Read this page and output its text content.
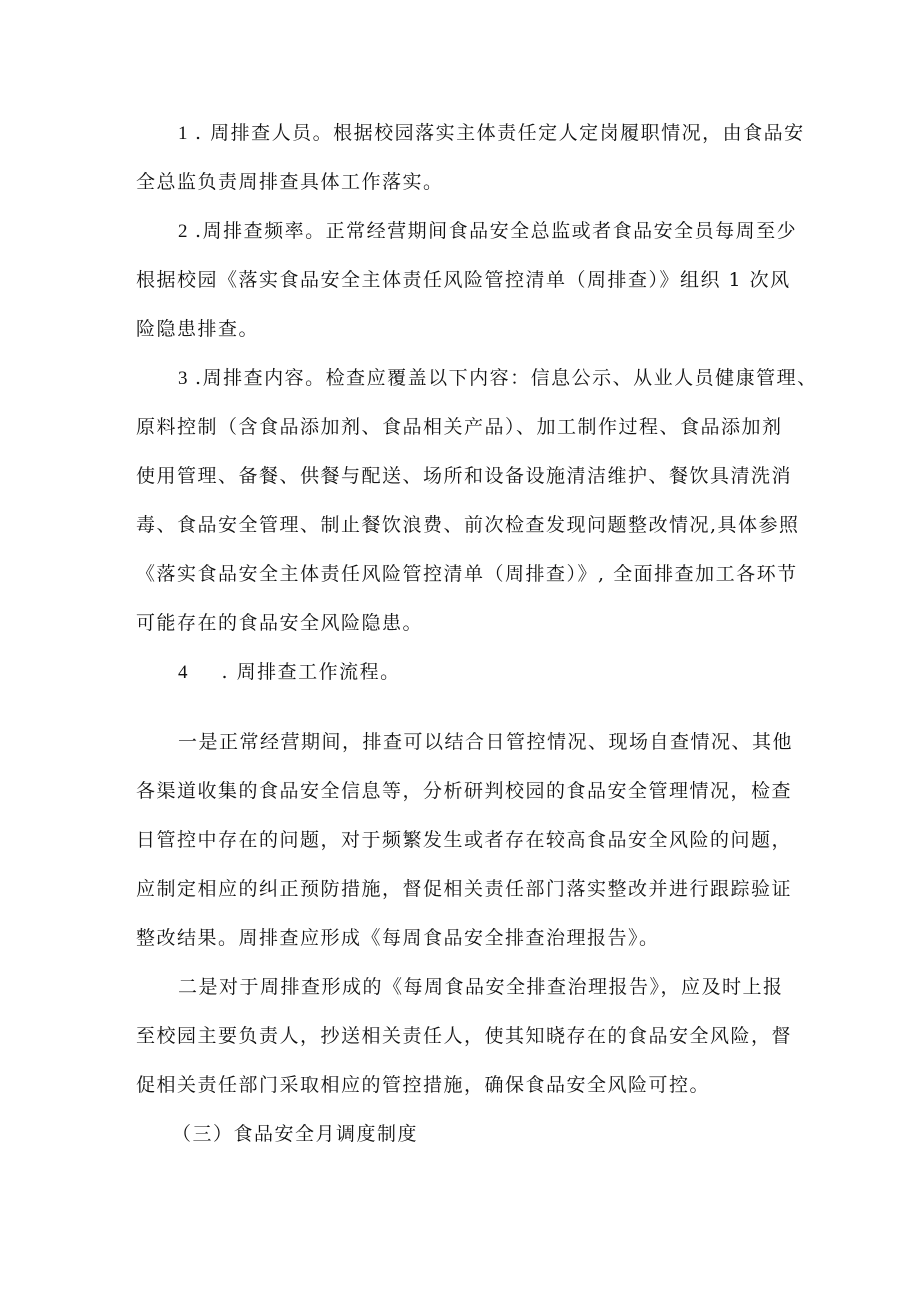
1 . 周排查人员。根据校园落实主体责任定人定岗履职情况，由食品安
全总监负责周排查具体工作落实。
2 .周排查频率。正常经营期间食品安全总监或者食品安全员每周至少
根据校园《落实食品安全主体责任风险管控清单（周排查）》组织 1 次风
险隐患排查。
3 .周排查内容。检查应覆盖以下内容：信息公示、从业人员健康管理、
原料控制（含食品添加剂、食品相关产品）、加工制作过程、食品添加剂
使用管理、备餐、供餐与配送、场所和设备设施清洁维护、餐饮具清洗消
毒、食品安全管理、制止餐饮浪费、前次检查发现问题整改情况,具体参照
《落实食品安全主体责任风险管控清单（周排查）》, 全面排查加工各环节
可能存在的食品安全风险隐患。
4 . 周排查工作流程。
一是正常经营期间，排查可以结合日管控情况、现场自查情况、其他
各渠道收集的食品安全信息等，分析研判校园的食品安全管理情况，检查
日管控中存在的问题，对于频繁发生或者存在较高食品安全风险的问题，
应制定相应的纠正预防措施，督促相关责任部门落实整改并进行跟踪验证
整改结果。周排查应形成《每周食品安全排查治理报告》。
二是对于周排查形成的《每周食品安全排查治理报告》，应及时上报
至校园主要负责人，抄送相关责任人，使其知晓存在的食品安全风险，督
促相关责任部门采取相应的管控措施，确保食品安全风险可控。
（三）食品安全月调度制度
